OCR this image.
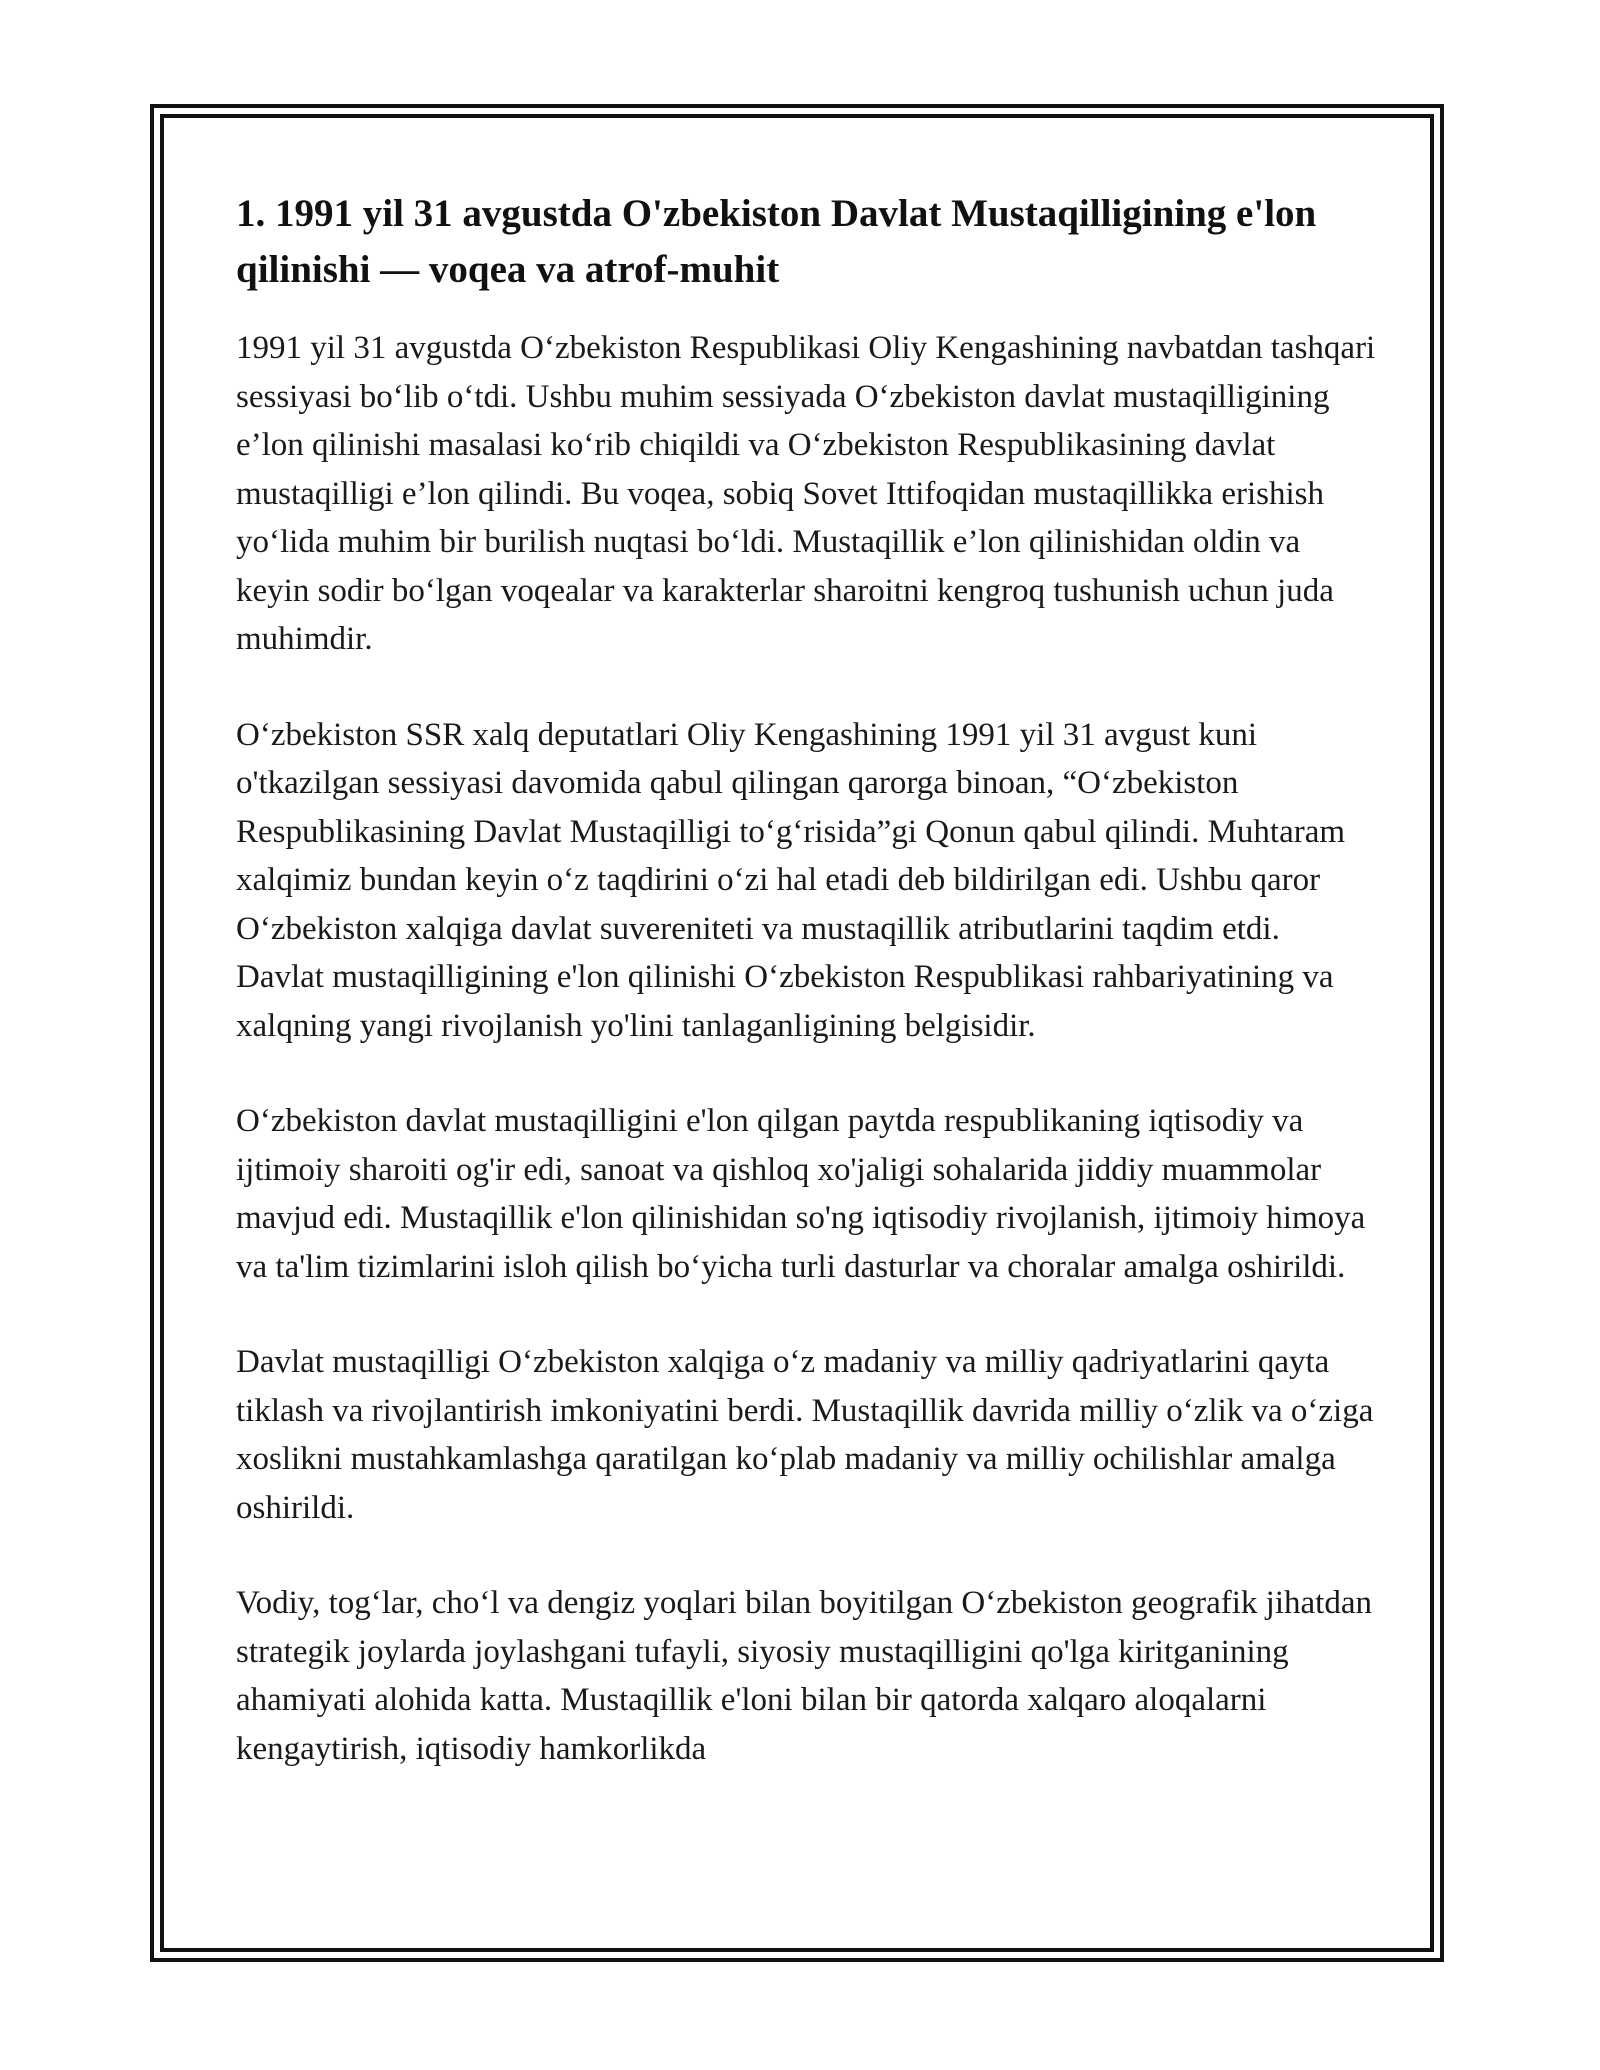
1. 1991 yil 31 avgustda O'zbekiston Davlat Mustaqilligining e'lon qilinishi — voqea va atrof-muhit

1991 yil 31 avgustda O‘zbekiston Respublikasi Oliy Kengashining navbatdan tashqari sessiyasi bo‘lib o‘tdi. Ushbu muhim sessiyada O‘zbekiston davlat mustaqilligining e’lon qilinishi masalasi ko‘rib chiqildi va O‘zbekiston Respublikasining davlat mustaqilligi e’lon qilindi. Bu voqea, sobiq Sovet Ittifoqidan mustaqillikka erishish yo‘lida muhim bir burilish nuqtasi bo‘ldi. Mustaqillik e’lon qilinishidan oldin va keyin sodir bo‘lgan voqealar va karakterlar sharoitni kengroq tushunish uchun juda muhimdir.

O‘zbekiston SSR xalq deputatlari Oliy Kengashining 1991 yil 31 avgust kuni o'tkazilgan sessiyasi davomida qabul qilingan qarorga binoan, “O‘zbekiston Respublikasining Davlat Mustaqilligi to‘g‘risida”gi Qonun qabul qilindi. Muhtaram xalqimiz bundan keyin o‘z taqdirini o‘zi hal etadi deb bildirilgan edi. Ushbu qaror O‘zbekiston xalqiga davlat suvereniteti va mustaqillik atributlarini taqdim etdi. Davlat mustaqilligining e'lon qilinishi O‘zbekiston Respublikasi rahbariyatining va xalqning yangi rivojlanish yo'lini tanlaganligining belgisidir.

O‘zbekiston davlat mustaqilligini e'lon qilgan paytda respublikaning iqtisodiy va ijtimoiy sharoiti og'ir edi, sanoat va qishloq xo'jaligi sohalarida jiddiy muammolar mavjud edi. Mustaqillik e'lon qilinishidan so'ng iqtisodiy rivojlanish, ijtimoiy himoya va ta'lim tizimlarini isloh qilish bo‘yicha turli dasturlar va choralar amalga oshirildi.

Davlat mustaqilligi O‘zbekiston xalqiga o‘z madaniy va milliy qadriyatlarini qayta tiklash va rivojlantirish imkoniyatini berdi. Mustaqillik davrida milliy o‘zlik va o‘ziga xoslikni mustahkamlashga qaratilgan ko‘plab madaniy va milliy ochilishlar amalga oshirildi.

Vodiy, tog‘lar, cho‘l va dengiz yoqlari bilan boyitilgan O‘zbekiston geografik jihatdan strategik joylarda joylashgani tufayli, siyosiy mustaqilligini qo'lga kiritganining ahamiyati alohida katta. Mustaqillik e'loni bilan bir qatorda xalqaro aloqalarni kengaytirish, iqtisodiy hamkorlikda
